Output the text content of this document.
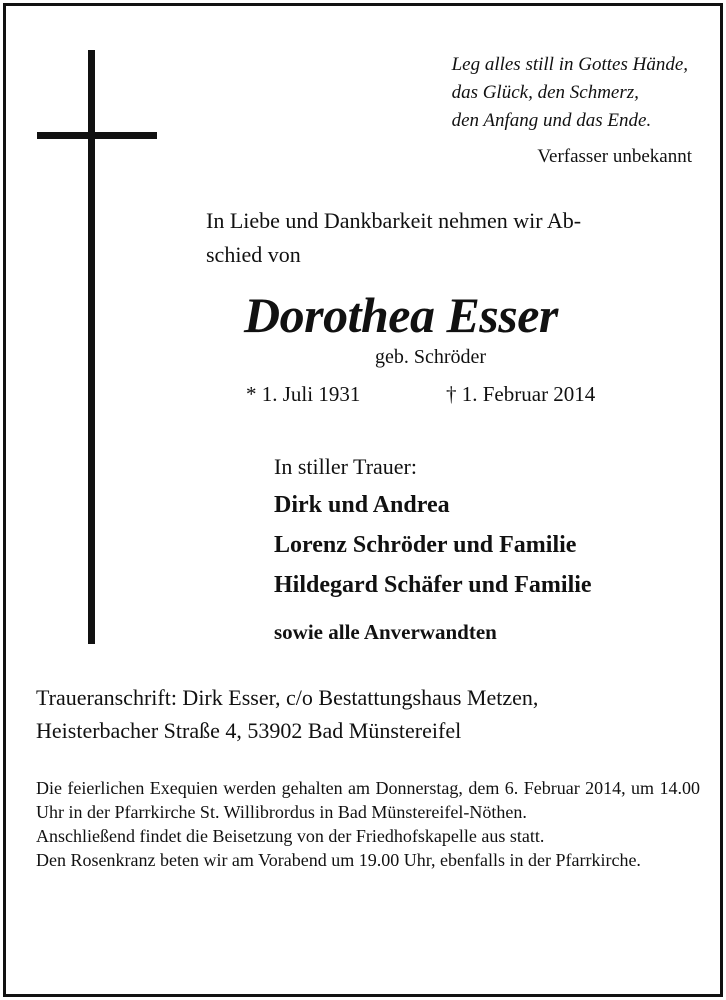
Leg alles still in Gottes Hände,
das Glück, den Schmerz,
den Anfang und das Ende.
Verfasser unbekannt
In Liebe und Dankbarkeit nehmen wir Ab-
schied von
Dorothea Esser
geb. Schröder
* 1. Juli 1931	† 1. Februar 2014
In stiller Trauer:
Dirk und Andrea
Lorenz Schröder und Familie
Hildegard Schäfer und Familie
sowie alle Anverwandten
Traueranschrift: Dirk Esser, c/o Bestattungshaus Metzen,
Heisterbacher Straße 4, 53902 Bad Münstereifel

Die feierlichen Exequien werden gehalten am Donnerstag, dem 6. Februar 2014, um 14.00 Uhr in der Pfarrkirche St. Willibrordus in Bad Münstereifel-Nöthen.

Anschließend findet die Beisetzung von der Friedhofskapelle aus statt.

Den Rosenkranz beten wir am Vorabend um 19.00 Uhr, ebenfalls in der Pfarrkirche.
